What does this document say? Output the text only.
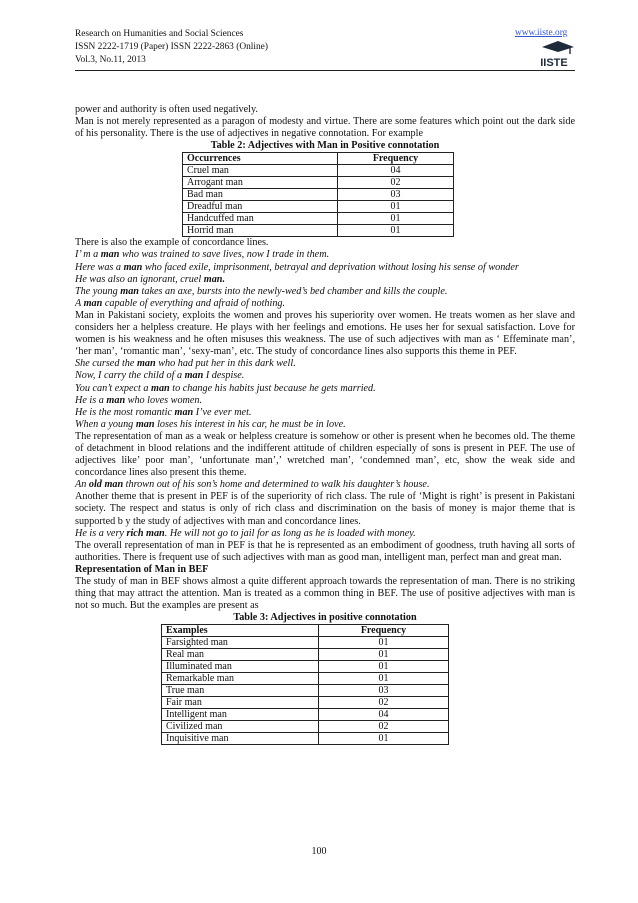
Research on Humanities and Social Sciences
ISSN 2222-1719 (Paper) ISSN 2222-2863 (Online)
Vol.3, No.11, 2013
www.iiste.org
IISTE

power and authority is often used negatively.

Man is not merely represented as a paragon of modesty and virtue. There are some features which point out the dark side of his personality. There is the use of adjectives in negative connotation. For example

Table 2: Adjectives with Man in Positive connotation
Occurrences	Frequency
Cruel man	04
Arrogant man	02
Bad man	03
Dreadful man	01
Handcuffed man	01
Horrid man	01

There is also the example of concordance lines.

I’ m a man who was trained to save lives, now I trade in them.

Here was a man who faced exile, imprisonment, betrayal and deprivation without losing his sense of wonder

He was also an ignorant, cruel man.

The young man takes an axe, bursts into the newly-wed’s bed chamber and kills the couple.

A man capable of everything and afraid of nothing.

Man in Pakistani society, exploits the women and proves his superiority over women. He treats women as her slave and considers her a helpless creature. He plays with her feelings and emotions. He uses her for sexual satisfaction. Love for women is his weakness and he often misuses this weakness. The use of such adjectives with man as ‘ Effeminate man’, ‘her man’, ‘romantic man’, ‘sexy-man’, etc. The study of concordance lines also supports this theme in PEF.

She cursed the man who had put her in this dark well.

Now, I carry the child of a man I despise.

You can’t expect a man to change his habits just because he gets married.

He is a man who loves women.

He is the most romantic man I’ve ever met.

When a young man loses his interest in his car, he must be in love.

The representation of man as a weak or helpless creature is somehow or other is present when he becomes old. The theme of detachment in blood relations and the indifferent attitude of children especially of sons is present in PEF. The use of adjectives like’ poor man’, ‘unfortunate man’,’ wretched man’, ‘condemned man’, etc, show the weak side and concordance lines also present this theme.

An old man thrown out of his son’s home and determined to walk his daughter’s house.

Another theme that is present in PEF is of the superiority of rich class. The rule of ‘Might is right’ is present in Pakistani society. The respect and status is only of rich class and discrimination on the basis of money is major theme that is supported b y the study of adjectives with man and concordance lines.

He is a very rich man. He will not go to jail for as long as he is loaded with money.

The overall representation of man in PEF is that he is represented as an embodiment of goodness, truth having all sorts of authorities. There is frequent use of such adjectives with man as good man, intelligent man, perfect man and great man.

Representation of Man in BEF

The study of man in BEF shows almost a quite different approach towards the representation of man. There is no striking thing that may attract the attention. Man is treated as a common thing in BEF. The use of positive adjectives with man is not so much. But the examples are present as

Table 3: Adjectives in positive connotation
Examples	Frequency
Farsighted man	01
Real man	01
Illuminated man	01
Remarkable man	01
True man	03
Fair man	02
Intelligent man	04
Civilized man	02
Inquisitive man	01
100
